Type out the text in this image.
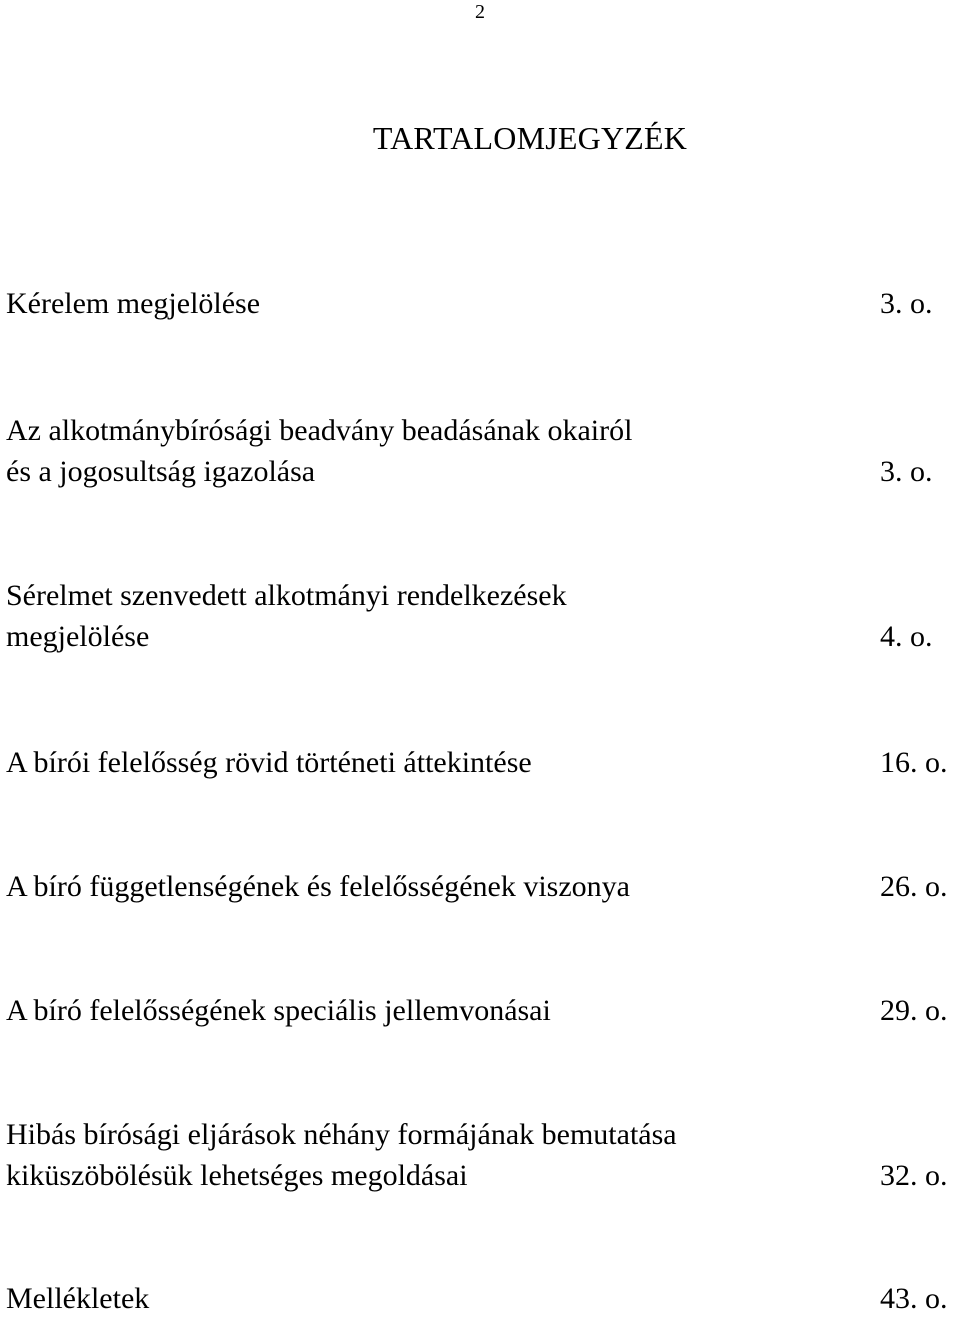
2
TARTALOMJEGYZÉK
Kérelem megjelölése	3. o.
Az alkotmánybírósági beadvány beadásának okairól
és a jogosultság igazolása	3. o.
Sérelmet szenvedett alkotmányi rendelkezések
megjelölése	4. o.
A bírói felelősség rövid történeti áttekintése	16. o.
A bíró függetlenségének és felelősségének viszonya	26. o.
A bíró felelősségének speciális jellemvonásai	29. o.
Hibás bírósági eljárások néhány formájának bemutatása
kiküszöbölésük lehetséges megoldásai	32. o.
Mellékletek	43. o.
